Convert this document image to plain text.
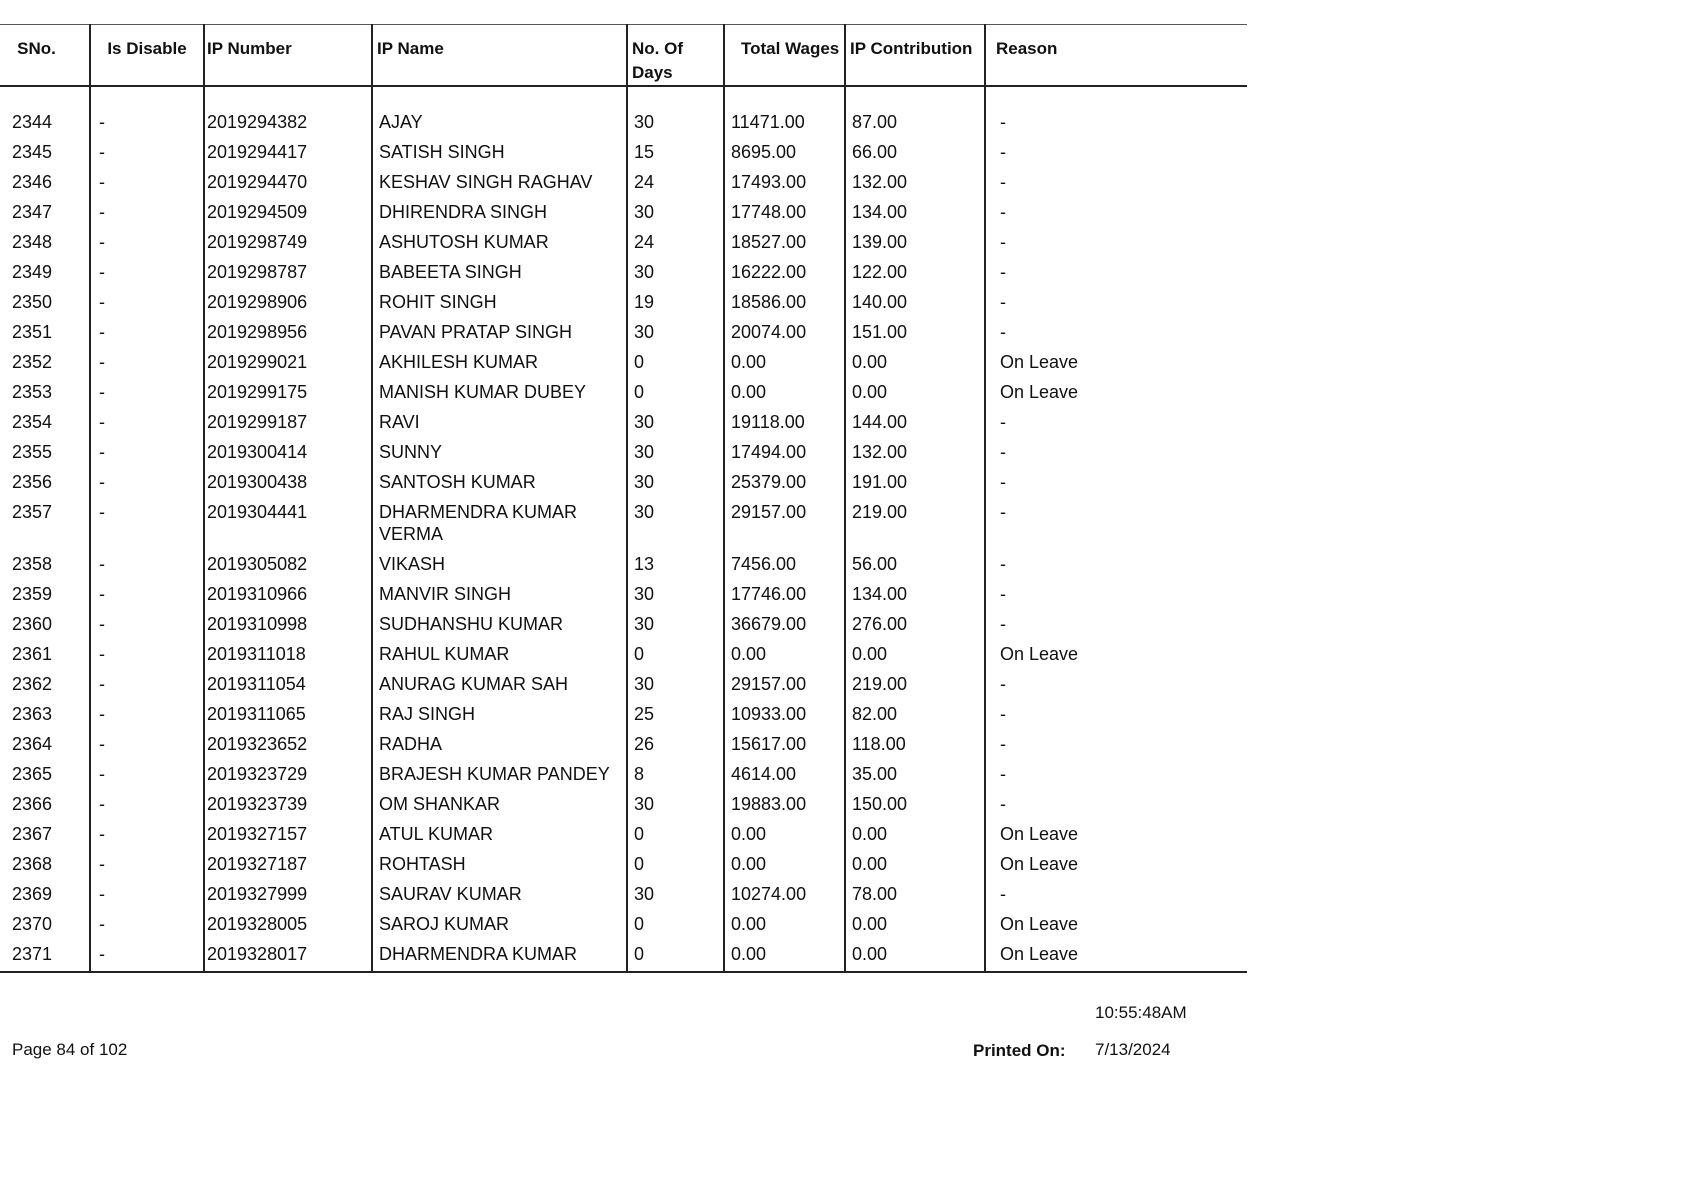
SNo.	Is Disable	IP Number	IP Name	No. Of Days	Total Wages	IP Contribution	Reason
2344	-	2019294382	AJAY	30	11471.00	87.00	-
2345	-	2019294417	SATISH SINGH	15	8695.00	66.00	-
2346	-	2019294470	KESHAV SINGH RAGHAV	24	17493.00	132.00	-
2347	-	2019294509	DHIRENDRA SINGH	30	17748.00	134.00	-
2348	-	2019298749	ASHUTOSH KUMAR	24	18527.00	139.00	-
2349	-	2019298787	BABEETA SINGH	30	16222.00	122.00	-
2350	-	2019298906	ROHIT SINGH	19	18586.00	140.00	-
2351	-	2019298956	PAVAN PRATAP SINGH	30	20074.00	151.00	-
2352	-	2019299021	AKHILESH KUMAR	0	0.00	0.00	On Leave
2353	-	2019299175	MANISH KUMAR DUBEY	0	0.00	0.00	On Leave
2354	-	2019299187	RAVI	30	19118.00	144.00	-
2355	-	2019300414	SUNNY	30	17494.00	132.00	-
2356	-	2019300438	SANTOSH KUMAR	30	25379.00	191.00	-
2357	-	2019304441	DHARMENDRA KUMAR VERMA	30	29157.00	219.00	-
2358	-	2019305082	VIKASH	13	7456.00	56.00	-
2359	-	2019310966	MANVIR SINGH	30	17746.00	134.00	-
2360	-	2019310998	SUDHANSHU KUMAR	30	36679.00	276.00	-
2361	-	2019311018	RAHUL KUMAR	0	0.00	0.00	On Leave
2362	-	2019311054	ANURAG KUMAR SAH	30	29157.00	219.00	-
2363	-	2019311065	RAJ SINGH	25	10933.00	82.00	-
2364	-	2019323652	RADHA	26	15617.00	118.00	-
2365	-	2019323729	BRAJESH KUMAR PANDEY	8	4614.00	35.00	-
2366	-	2019323739	OM SHANKAR	30	19883.00	150.00	-
2367	-	2019327157	ATUL KUMAR	0	0.00	0.00	On Leave
2368	-	2019327187	ROHTASH	0	0.00	0.00	On Leave
2369	-	2019327999	SAURAV KUMAR	30	10274.00	78.00	-
2370	-	2019328005	SAROJ KUMAR	0	0.00	0.00	On Leave
2371	-	2019328017	DHARMENDRA KUMAR	0	0.00	0.00	On Leave
Page 84 of 102
10:55:48AM
Printed On: 7/13/2024
